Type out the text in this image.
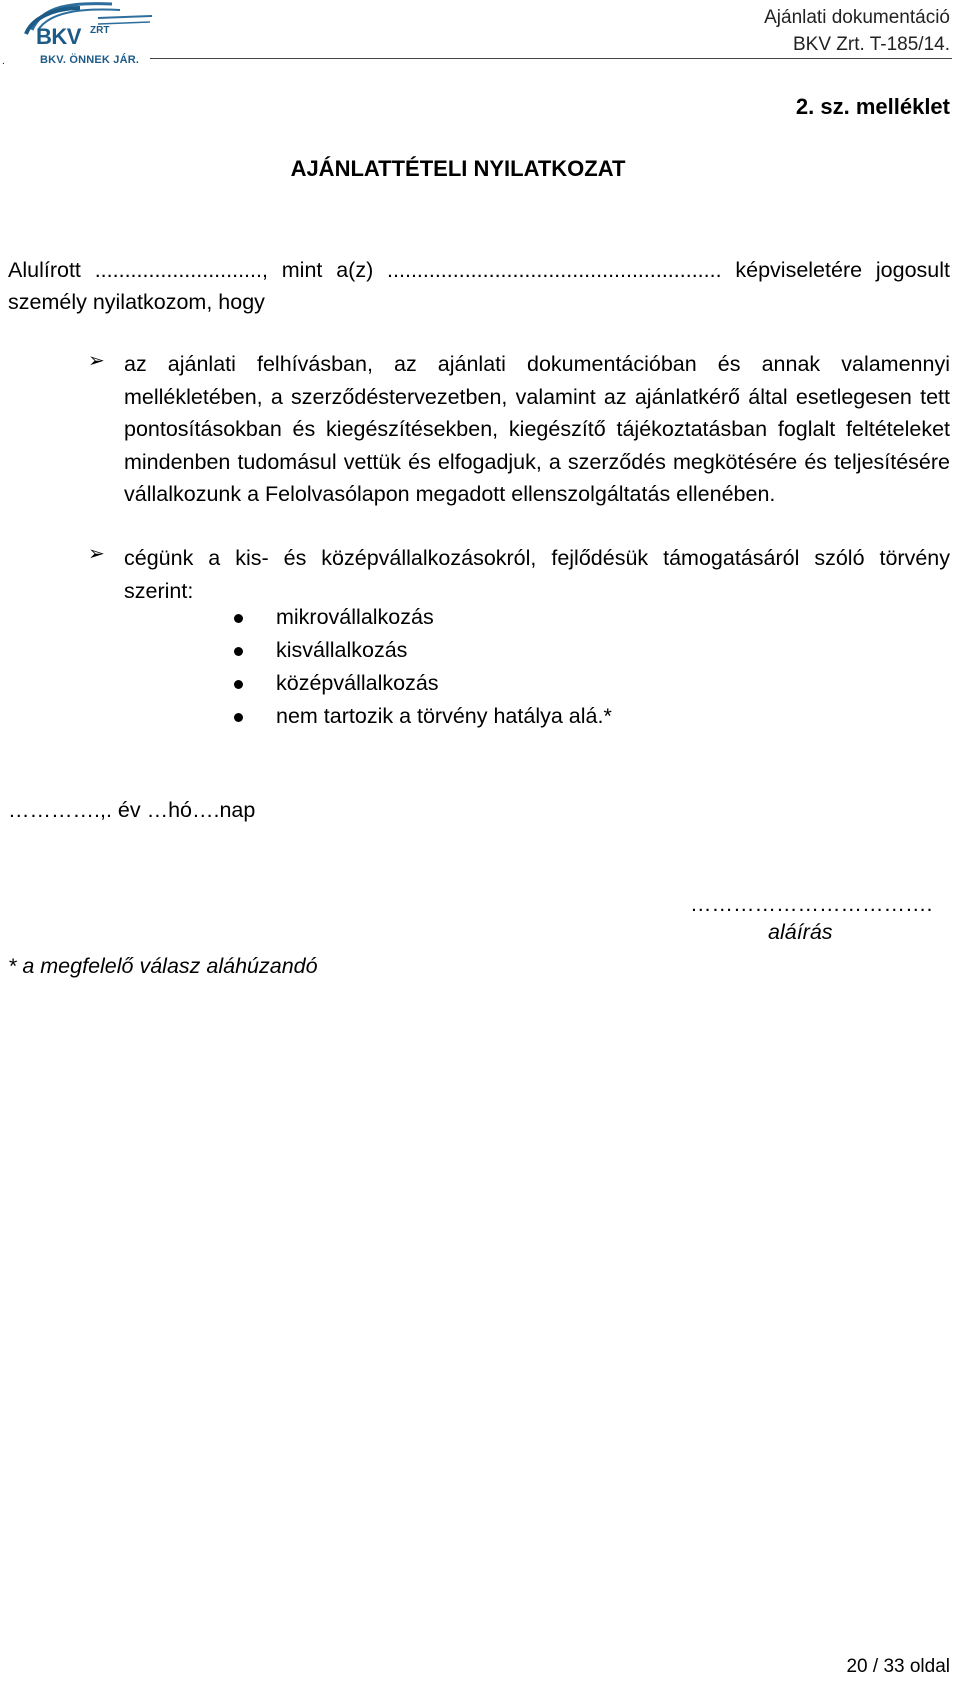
BKV ZRT
BKV. ÖNNEK JÁR.
.
Ajánlati dokumentáció
BKV Zrt. T-185/14.
2. sz. melléklet
AJÁNLATTÉTELI NYILATKOZAT
Alulírott ............................, mint a(z) ........................................................ képviseletére jogosult személy nyilatkozom, hogy
➢ az ajánlati felhívásban, az ajánlati dokumentációban és annak valamennyi mellékletében, a szerződéstervezetben, valamint az ajánlatkérő által esetlegesen tett pontosításokban és kiegészítésekben, kiegészítő tájékoztatásban foglalt feltételeket mindenben tudomásul vettük és elfogadjuk, a szerződés megkötésére és teljesítésére vállalkozunk a Felolvasólapon megadott ellenszolgáltatás ellenében.
➢ cégünk a kis- és középvállalkozásokról, fejlődésük támogatásáról szóló törvény szerint:
mikrovállalkozás
kisvállalkozás
középvállalkozás
nem tartozik a törvény hatálya alá.*
………….,. év …hó….nap
…………………………….
aláírás
* a megfelelő válasz aláhúzandó
20 / 33 oldal
